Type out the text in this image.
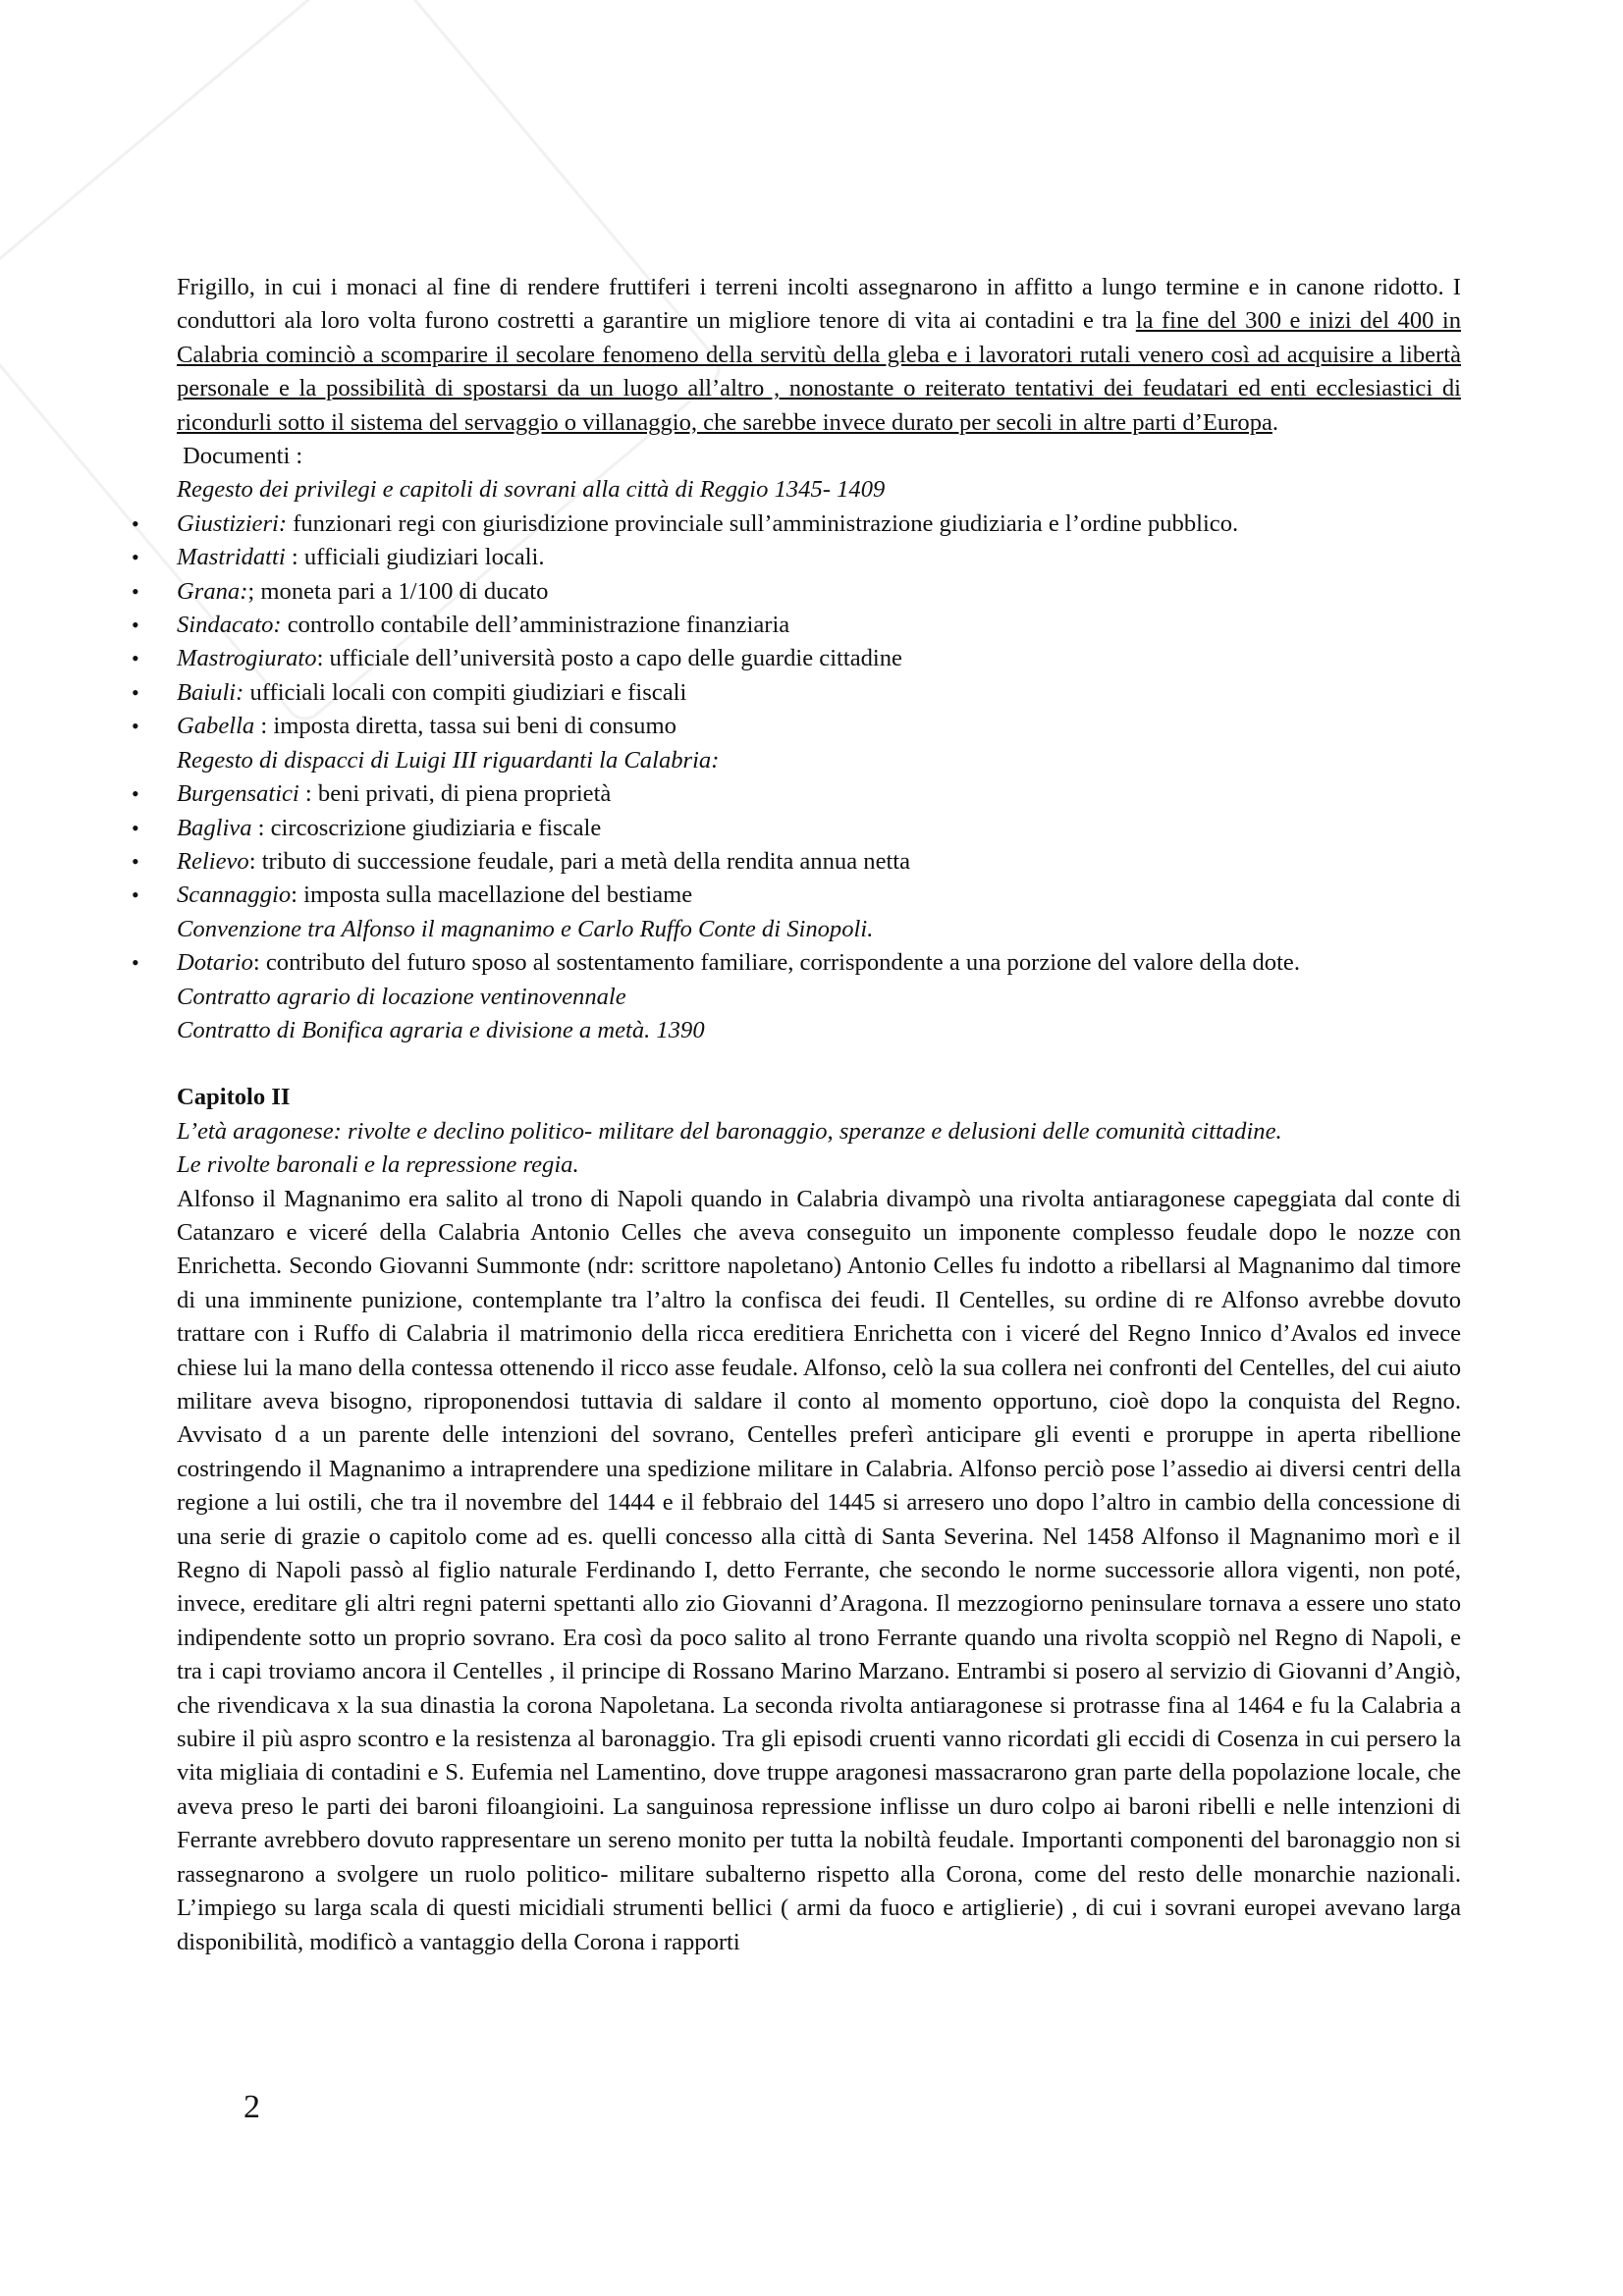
Frigillo, in cui i monaci al fine di rendere fruttiferi i terreni incolti assegnarono in affitto a lungo termine e in canone ridotto. I conduttori ala loro volta furono costretti a garantire un migliore tenore di vita ai contadini e tra la fine del 300 e inizi del 400 in Calabria cominciò a scomparire il secolare fenomeno della servitù della gleba e i lavoratori rutali venero così ad acquisire a libertà personale e la possibilità di spostarsi da un luogo all’altro , nonostante o reiterato tentativi dei feudatari ed enti ecclesiastici di ricondurli sotto il sistema del servaggio o villanaggio, che sarebbe invece durato per secoli in altre parti d’Europa.

Documenti :

Regesto dei privilegi e capitoli di sovrani alla città di Reggio 1345- 1409

• Giustizieri: funzionari regi con giurisdizione provinciale sull’amministrazione giudiziaria e l’ordine pubblico.
• Mastridatti : ufficiali giudiziari locali.
• Grana:; moneta pari a 1/100 di ducato
• Sindacato: controllo contabile dell’amministrazione finanziaria
• Mastrogiurato: ufficiale dell’università posto a capo delle guardie cittadine
• Baiuli: ufficiali locali con compiti giudiziari e fiscali
• Gabella : imposta diretta, tassa sui beni di consumo

Regesto di dispacci di Luigi III riguardanti la Calabria:

• Burgensatici : beni privati, di piena proprietà
• Bagliva : circoscrizione giudiziaria e fiscale
• Relievo: tributo di successione feudale, pari a metà della rendita annua netta
• Scannaggio: imposta sulla macellazione del bestiame

Convenzione tra Alfonso il magnanimo e Carlo Ruffo Conte di Sinopoli.

• Dotario: contributo del futuro sposo al sostentamento familiare, corrispondente a una porzione del valore della dote.

Contratto agrario di locazione ventinovennale

Contratto di Bonifica agraria e divisione a metà. 1390

Capitolo II

L’età aragonese: rivolte e declino politico- militare del baronaggio, speranze e delusioni delle comunità cittadine.

Le rivolte baronali e la repressione regia.

Alfonso il Magnanimo era salito al trono di Napoli quando in Calabria divampò una rivolta antiaragonese capeggiata dal conte di Catanzaro e viceré della Calabria Antonio Celles che aveva conseguito un imponente complesso feudale dopo le nozze con Enrichetta. Secondo Giovanni Summonte (ndr: scrittore napoletano) Antonio Celles fu indotto a ribellarsi al Magnanimo dal timore di una imminente punizione, contemplante tra l’altro la confisca dei feudi. Il Centelles, su ordine di re Alfonso avrebbe dovuto trattare con i Ruffo di Calabria il matrimonio della ricca ereditiera Enrichetta con i viceré del Regno Innico d’Avalos ed invece chiese lui la mano della contessa ottenendo il ricco asse feudale. Alfonso, celò la sua collera nei confronti del Centelles, del cui aiuto militare aveva bisogno, riproponendosi tuttavia di saldare il conto al momento opportuno, cioè dopo la conquista del Regno. Avvisato d a un parente delle intenzioni del sovrano, Centelles preferì anticipare gli eventi e proruppe in aperta ribellione costringendo il Magnanimo a intraprendere una spedizione militare in Calabria. Alfonso perciò pose l’assedio ai diversi centri della regione a lui ostili, che tra il novembre del 1444 e il febbraio del 1445 si arresero uno dopo l’altro in cambio della concessione di una serie di grazie o capitolo come ad es. quelli concesso alla città di Santa Severina. Nel 1458 Alfonso il Magnanimo morì e il Regno di Napoli passò al figlio naturale Ferdinando I, detto Ferrante, che secondo le norme successorie allora vigenti, non poté, invece, ereditare gli altri regni paterni spettanti allo zio Giovanni d’Aragona. Il mezzogiorno peninsulare tornava a essere uno stato indipendente sotto un proprio sovrano. Era così da poco salito al trono Ferrante quando una rivolta scoppiò nel Regno di Napoli, e tra i capi troviamo ancora il Centelles , il principe di Rossano Marino Marzano. Entrambi si posero al servizio di Giovanni d’Angiò, che rivendicava x la sua dinastia la corona Napoletana. La seconda rivolta antiaragonese si protrasse fina al 1464 e fu la Calabria a subire il più aspro scontro e la resistenza al baronaggio. Tra gli episodi cruenti vanno ricordati gli eccidi di Cosenza in cui persero la vita migliaia di contadini e S. Eufemia nel Lamentino, dove truppe aragonesi massacrarono gran parte della popolazione locale, che aveva preso le parti dei baroni filoangioini. La sanguinosa repressione inflisse un duro colpo ai baroni ribelli e nelle intenzioni di Ferrante avrebbero dovuto rappresentare un sereno monito per tutta la nobiltà feudale. Importanti componenti del baronaggio non si rassegnarono a svolgere un ruolo politico- militare subalterno rispetto alla Corona, come del resto delle monarchie nazionali. L’impiego su larga scala di questi micidiali strumenti bellici ( armi da fuoco e artiglierie) , di cui i sovrani europei avevano larga disponibilità, modificò a vantaggio della Corona i rapporti

2
